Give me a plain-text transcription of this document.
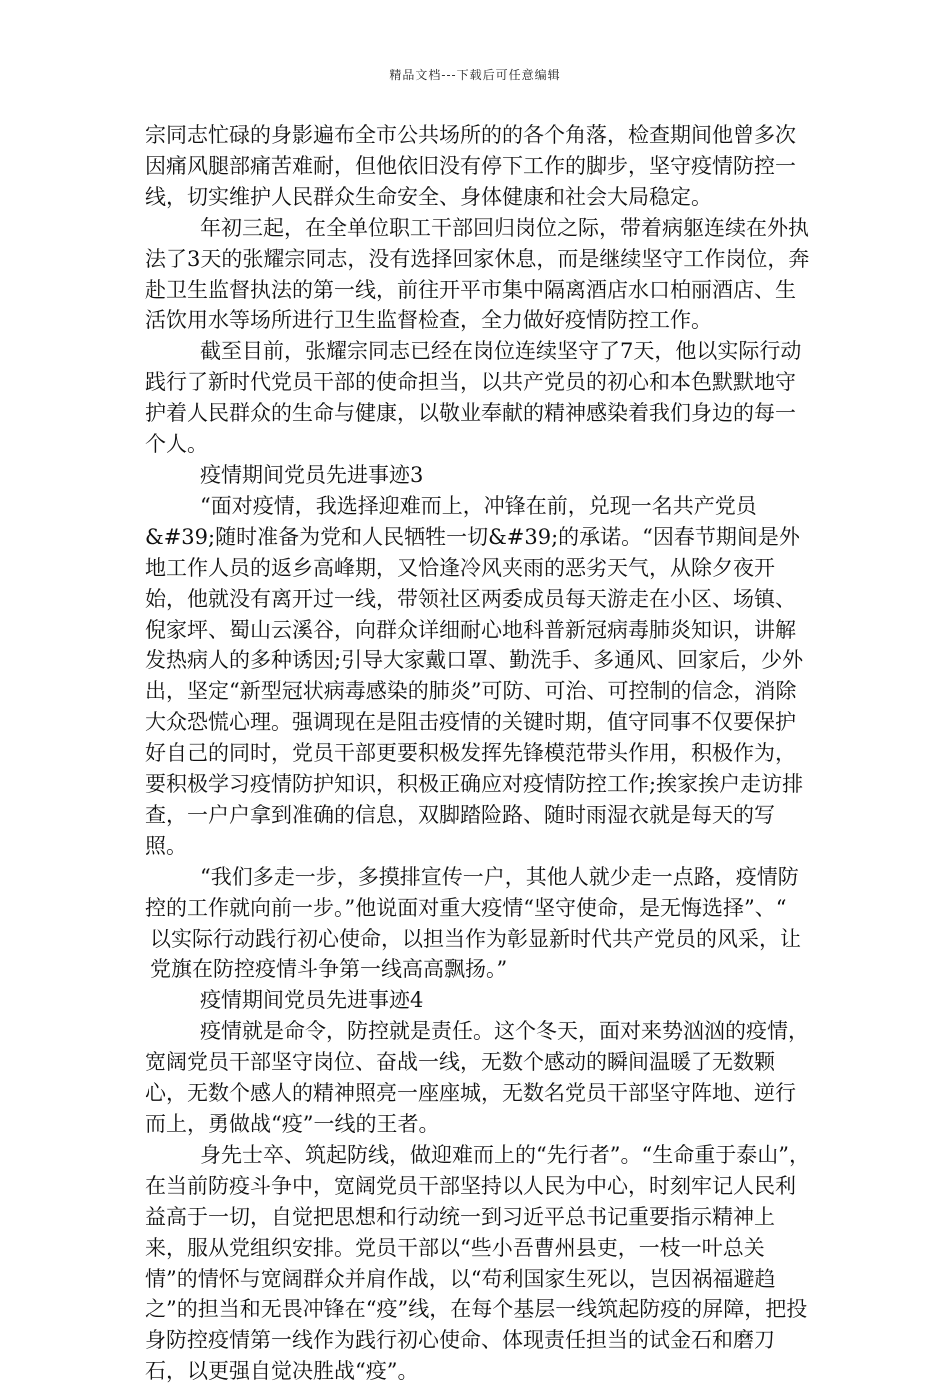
精品文档---下载后可任意编辑

宗同志忙碌的身影遍布全市公共场所的的各个角落，检查期间他曾多次因痛风腿部痛苦难耐，但他依旧没有停下工作的脚步，坚守疫情防控一线，切实维护人民群众生命安全、身体健康和社会大局稳定。

年初三起，在全单位职工干部回归岗位之际，带着病躯连续在外执法了3天的张耀宗同志，没有选择回家休息，而是继续坚守工作岗位，奔赴卫生监督执法的第一线，前往开平市集中隔离酒店水口柏丽酒店、生活饮用水等场所进行卫生监督检查，全力做好疫情防控工作。

截至目前，张耀宗同志已经在岗位连续坚守了7天，他以实际行动践行了新时代党员干部的使命担当，以共产党员的初心和本色默默地守护着人民群众的生命与健康，以敬业奉献的精神感染着我们身边的每一个人。

疫情期间党员先进事迹3

“面对疫情，我选择迎难而上，冲锋在前，兑现一名共产党员&#39;随时准备为党和人民牺牲一切&#39;的承诺。“因春节期间是外地工作人员的返乡高峰期，又恰逢冷风夹雨的恶劣天气，从除夕夜开始，他就没有离开过一线，带领社区两委成员每天游走在小区、场镇、倪家坪、蜀山云溪谷，向群众详细耐心地科普新冠病毒肺炎知识，讲解发热病人的多种诱因;引导大家戴口罩、勤洗手、多通风、回家后，少外出，坚定“新型冠状病毒感染的肺炎”可防、可治、可控制的信念，消除大众恐慌心理。强调现在是阻击疫情的关键时期，值守同事不仅要保护好自己的同时，党员干部更要积极发挥先锋模范带头作用，积极作为，要积极学习疫情防护知识，积极正确应对疫情防控工作;挨家挨户走访排查，一户户拿到准确的信息，双脚踏险路、随时雨湿衣就是每天的写照。

“我们多走一步，多摸排宣传一户，其他人就少走一点路，疫情防控的工作就向前一步。”他说面对重大疫情“坚守使命，是无悔选择”、“

以实际行动践行初心使命，以担当作为彰显新时代共产党员的风采，让党旗在防控疫情斗争第一线高高飘扬。”

疫情期间党员先进事迹4

疫情就是命令，防控就是责任。这个冬天，面对来势汹汹的疫情，宽阔党员干部坚守岗位、奋战一线，无数个感动的瞬间温暖了无数颗心，无数个感人的精神照亮一座座城，无数名党员干部坚守阵地、逆行而上，勇做战“疫”一线的王者。

身先士卒、筑起防线，做迎难而上的“先行者”。“生命重于泰山”，在当前防疫斗争中，宽阔党员干部坚持以人民为中心，时刻牢记人民利益高于一切，自觉把思想和行动统一到习近平总书记重要指示精神上来，服从党组织安排。党员干部以“些小吾曹州县吏，一枝一叶总关情”的情怀与宽阔群众并肩作战，以“苟利国家生死以，岂因祸福避趋之”的担当和无畏冲锋在“疫”线，在每个基层一线筑起防疫的屏障，把投身防控疫情第一线作为践行初心使命、体现责任担当的试金石和磨刀石，以更强自觉决胜战“疫”。
